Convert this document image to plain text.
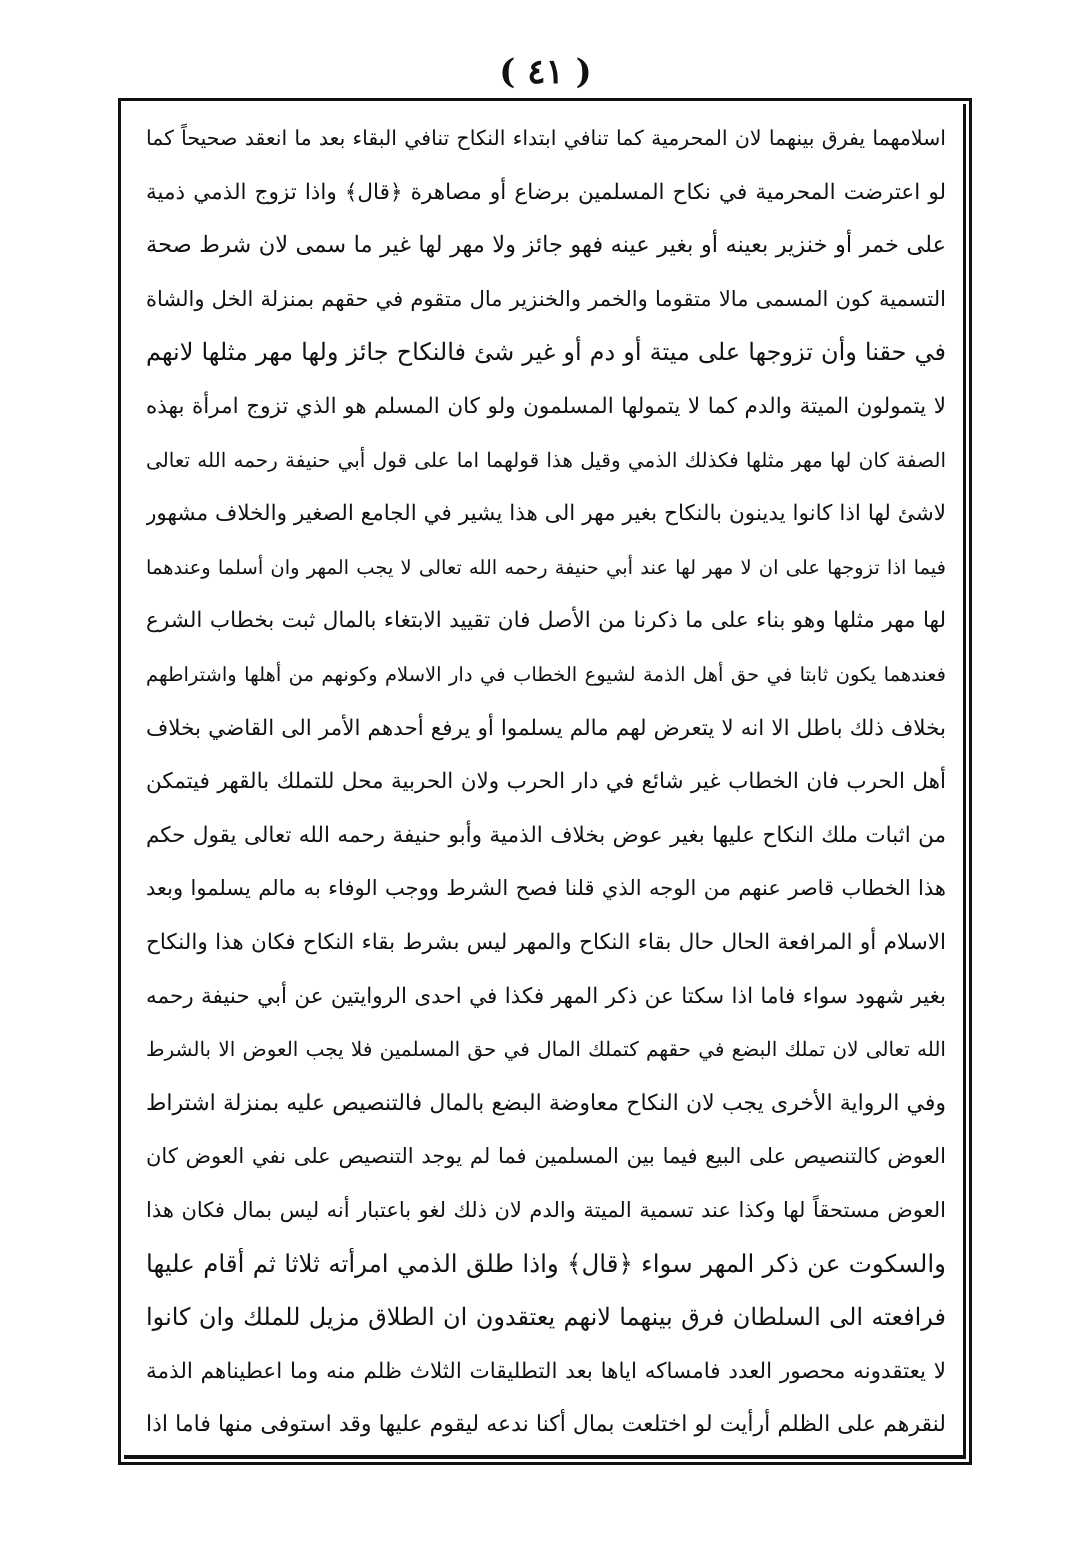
( ٤١ )
اسلامهما يفرق بينهما لان المحرمية كما تنافي ابتداء النكاح تنافي البقاء بعد ما انعقد صحيحاً كما
لو اعترضت المحرمية في نكاح المسلمين برضاع أو مصاهرة ﴿قال﴾ واذا تزوج الذمي ذمية
على خمر أو خنزير بعينه أو بغير عينه فهو جائز ولا مهر لها غير ما سمى لان شرط صحة
التسمية كون المسمى مالا متقوما والخمر والخنزير مال متقوم في حقهم بمنزلة الخل والشاة
في حقنا وأن تزوجها على ميتة أو دم أو غير شئ فالنكاح جائز ولها مهر مثلها لانهم
لا يتمولون الميتة والدم كما لا يتمولها المسلمون ولو كان المسلم هو الذي تزوج امرأة بهذه
الصفة كان لها مهر مثلها فكذلك الذمي وقيل هذا قولهما اما على قول أبي حنيفة رحمه الله تعالى
لاشئ لها اذا كانوا يدينون بالنكاح بغير مهر الى هذا يشير في الجامع الصغير والخلاف مشهور
فيما اذا تزوجها على ان لا مهر لها عند أبي حنيفة رحمه الله تعالى لا يجب المهر وان أسلما وعندهما
لها مهر مثلها وهو بناء على ما ذكرنا من الأصل فان تقييد الابتغاء بالمال ثبت بخطاب الشرع
فعندهما يكون ثابتا في حق أهل الذمة لشيوع الخطاب في دار الاسلام وكونهم من أهلها واشتراطهم
بخلاف ذلك باطل الا انه لا يتعرض لهم مالم يسلموا أو يرفع أحدهم الأمر الى القاضي بخلاف
أهل الحرب فان الخطاب غير شائع في دار الحرب ولان الحربية محل للتملك بالقهر فيتمكن
من اثبات ملك النكاح عليها بغير عوض بخلاف الذمية وأبو حنيفة رحمه الله تعالى يقول حكم
هذا الخطاب قاصر عنهم من الوجه الذي قلنا فصح الشرط ووجب الوفاء به مالم يسلموا وبعد
الاسلام أو المرافعة الحال حال بقاء النكاح والمهر ليس بشرط بقاء النكاح فكان هذا والنكاح
بغير شهود سواء فاما اذا سكتا عن ذكر المهر فكذا في احدى الروايتين عن أبي حنيفة رحمه
الله تعالى لان تملك البضع في حقهم كتملك المال في حق المسلمين فلا يجب العوض الا بالشرط
وفي الرواية الأخرى يجب لان النكاح معاوضة البضع بالمال فالتنصيص عليه بمنزلة اشتراط
العوض كالتنصيص على البيع فيما بين المسلمين فما لم يوجد التنصيص على نفي العوض كان
العوض مستحقاً لها وكذا عند تسمية الميتة والدم لان ذلك لغو باعتبار أنه ليس بمال فكان هذا
والسكوت عن ذكر المهر سواء ﴿قال﴾ واذا طلق الذمي امرأته ثلاثا ثم أقام عليها
فرافعته الى السلطان فرق بينهما لانهم يعتقدون ان الطلاق مزيل للملك وان كانوا
لا يعتقدونه محصور العدد فامساكه اياها بعد التطليقات الثلاث ظلم منه وما اعطيناهم الذمة
لنقرهم على الظلم أرأيت لو اختلعت بمال أكنا ندعه ليقوم عليها وقد استوفى منها فاما اذا
